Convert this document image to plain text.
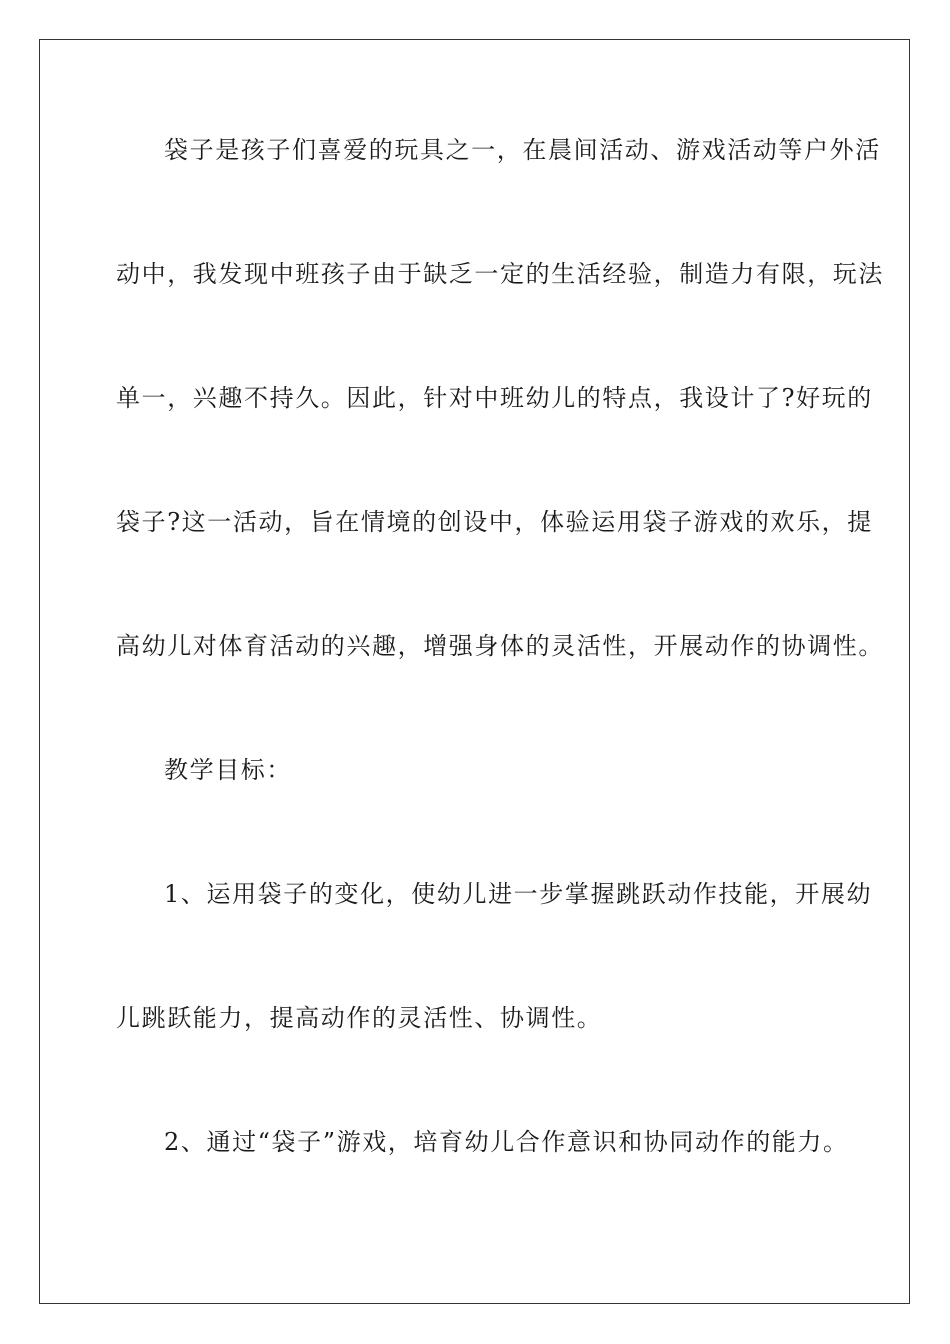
袋子是孩子们喜爱的玩具之一，在晨间活动、游戏活动等户外活
动中，我发现中班孩子由于缺乏一定的生活经验，制造力有限，玩法
单一，兴趣不持久。因此，针对中班幼儿的特点，我设计了?好玩的
袋子?这一活动，旨在情境的创设中，体验运用袋子游戏的欢乐，提
高幼儿对体育活动的兴趣，增强身体的灵活性，开展动作的协调性。
教学目标：
1、运用袋子的变化，使幼儿进一步掌握跳跃动作技能，开展幼
儿跳跃能力，提高动作的灵活性、协调性。
2、通过“袋子”游戏，培育幼儿合作意识和协同动作的能力。
